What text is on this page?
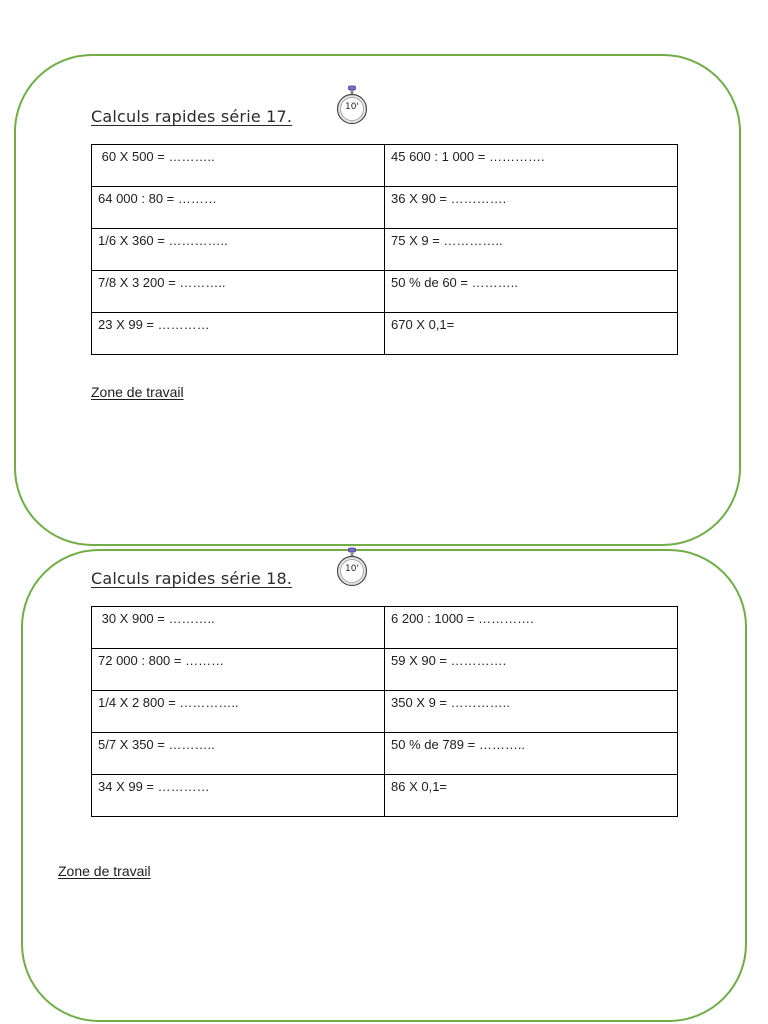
Calculs rapides série 17.	10'
60 X 500 = ………..	45 600 : 1 000 = ………….
64 000 : 80 = ………	36 X 90 = ………….
1/6 X 360 = …………..	75 X 9 = …………..
7/8 X 3 200 = ………..	50 % de 60 = ………..
23 X 99 = …………	670 X 0,1=
Zone de travail
Calculs rapides série 18.	10'
30 X 900 = ………..	6 200 : 1000 = ………….
72 000 : 800 = ………	59 X 90 = ………….
1/4 X 2 800 = …………..	350 X 9 = …………..
5/7 X 350 = ………..	50 % de 789 = ………..
34 X 99 = …………	86 X 0,1=
Zone de travail
